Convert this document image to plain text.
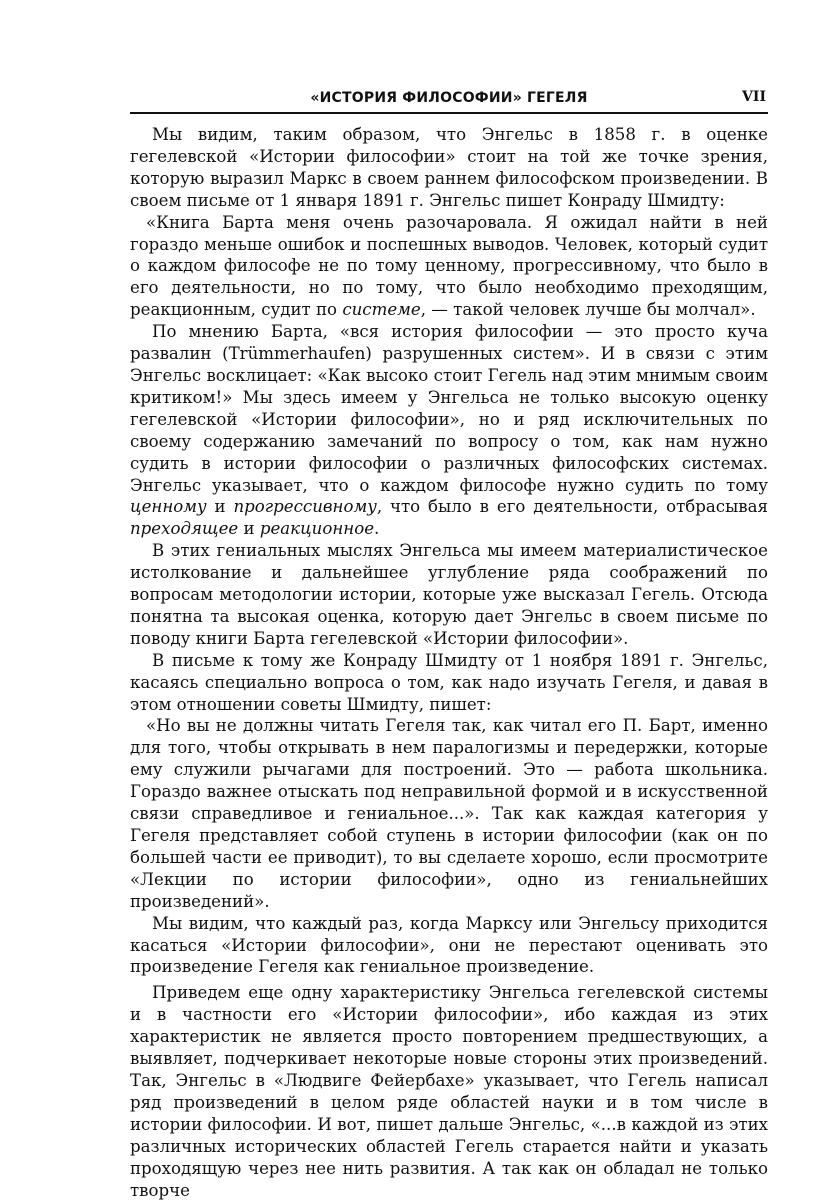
«ИСТОРИЯ ФИЛОСОФИИ» ГЕГЕЛЯ	VII

Мы видим, таким образом, что Энгельс в 1858 г. в оценке гегелевской «Истории философии» стоит на той же точке зрения, которую выразил Маркс в своем раннем философском произведении. В своем письме от 1 января 1891 г. Энгельс пишет Конраду Шмидту:

«Книга Барта меня очень разочаровала. Я ожидал найти в ней гораздо меньше ошибок и поспешных выводов. Человек, который судит о каждом философе не по тому ценному, прогрессивному, что было в его деятельности, но по тому, что было необходимо преходящим, реакционным, судит по системе, — такой человек лучше бы молчал».

По мнению Барта, «вся история философии — это просто куча развалин (Trümmerhaufen) разрушенных систем». И в связи с этим Энгельс восклицает: «Как высоко стоит Гегель над этим мнимым своим критиком!» Мы здесь имеем у Энгельса не только высокую оценку гегелевской «Истории философии», но и ряд исключительных по своему содержанию замечаний по вопросу о том, как нам нужно судить в истории философии о различных философских системах. Энгельс указывает, что о каждом философе нужно судить по тому ценному и прогрессивному, что было в его деятельности, отбрасывая преходящее и реакционное.

В этих гениальных мыслях Энгельса мы имеем материалистическое истолкование и дальнейшее углубление ряда соображений по вопросам методологии истории, которые уже высказал Гегель. Отсюда понятна та высокая оценка, которую дает Энгельс в своем письме по поводу книги Барта гегелевской «Истории философии».

В письме к тому же Конраду Шмидту от 1 ноября 1891 г. Энгельс, касаясь специально вопроса о том, как надо изучать Гегеля, и давая в этом отношении советы Шмидту, пишет:

«Но вы не должны читать Гегеля так, как читал его П. Барт, именно для того, чтобы открывать в нем паралогизмы и передержки, которые ему служили рычагами для построений. Это — работа школьника. Гораздо важнее отыскать под неправильной формой и в искусственной связи справедливое и гениальное...». Так как каждая категория у Гегеля представляет собой ступень в истории философии (как он по большей части ее приводит), то вы сделаете хорошо, если просмотрите «Лекции по истории философии», одно из гениальнейших произведений».

Мы видим, что каждый раз, когда Марксу или Энгельсу приходится касаться «Истории философии», они не перестают оценивать это произведение Гегеля как гениальное произведение.

Приведем еще одну характеристику Энгельса гегелевской системы и в частности его «Истории философии», ибо каждая из этих характеристик не является просто повторением предшествующих, а выявляет, подчеркивает некоторые новые стороны этих произведений. Так, Энгельс в «Людвиге Фейербахе» указывает, что Гегель написал ряд произведений в целом ряде областей науки и в том числе в истории философии. И вот, пишет дальше Энгельс, «...в каждой из этих различных исторических областей Гегель старается найти и указать проходящую через нее нить развития. А так как он обладал не только творче
